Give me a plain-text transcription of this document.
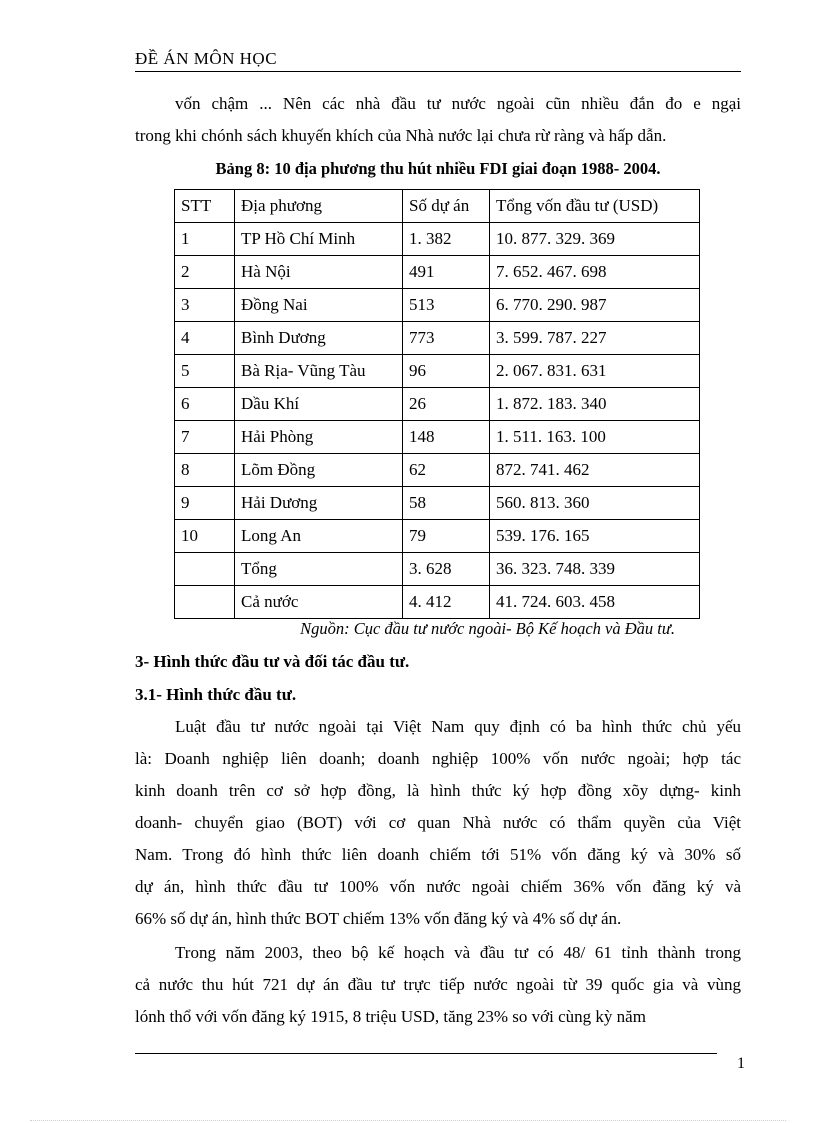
ĐỀ ÁN MÔN HỌC
vốn chậm ... Nên các nhà đầu tư nước ngoài cũn nhiều đắn đo e ngại
trong khi chónh sách khuyến khích của Nhà nước lại chưa rừ ràng và hấp dẫn.
Bảng 8: 10 địa phương thu hút nhiều FDI giai đoạn 1988- 2004.
STT	Địa phương	Số dự án	Tổng vốn đầu tư (USD)
1	TP Hồ Chí Minh	1. 382	10. 877. 329. 369
2	Hà Nội	491	7. 652. 467. 698
3	Đồng Nai	513	6. 770. 290. 987
4	Bình Dương	773	3. 599. 787. 227
5	Bà Rịa- Vũng Tàu	96	2. 067. 831. 631
6	Dầu Khí	26	1. 872. 183. 340
7	Hải Phòng	148	1. 511. 163. 100
8	Lõm Đồng	62	872. 741. 462
9	Hải Dương	58	560. 813. 360
10	Long An	79	539. 176. 165
	Tổng	3. 628	36. 323. 748. 339
	Cả nước	4. 412	41. 724. 603. 458
Nguồn: Cục đầu tư nước ngoài- Bộ Kế hoạch và Đầu tư.
3- Hình thức đầu tư và đối tác đầu tư.
3.1- Hình thức đầu tư.
Luật đầu tư nước ngoài tại Việt Nam quy định có ba hình thức chủ yếu
là: Doanh nghiệp liên doanh; doanh nghiệp 100% vốn nước ngoài; hợp tác
kinh doanh trên cơ sở hợp đồng, là hình thức ký hợp đồng xõy dựng- kinh
doanh- chuyển giao (BOT) với cơ quan Nhà nước có thẩm quyền của Việt
Nam. Trong đó hình thức liên doanh chiếm tới 51% vốn đăng ký và 30% số
dự án, hình thức đầu tư 100% vốn nước ngoài chiếm 36% vốn đăng ký và
66% số dự án, hình thức BOT chiếm 13% vốn đăng ký và 4% số dự án.
Trong năm 2003, theo bộ kế hoạch và đầu tư có 48/ 61 tỉnh thành trong
cả nước thu hút 721 dự án đầu tư trực tiếp nước ngoài từ 39 quốc gia và vùng
lónh thổ với vốn đăng ký 1915, 8 triệu USD, tăng 23% so với cùng kỳ năm
1
